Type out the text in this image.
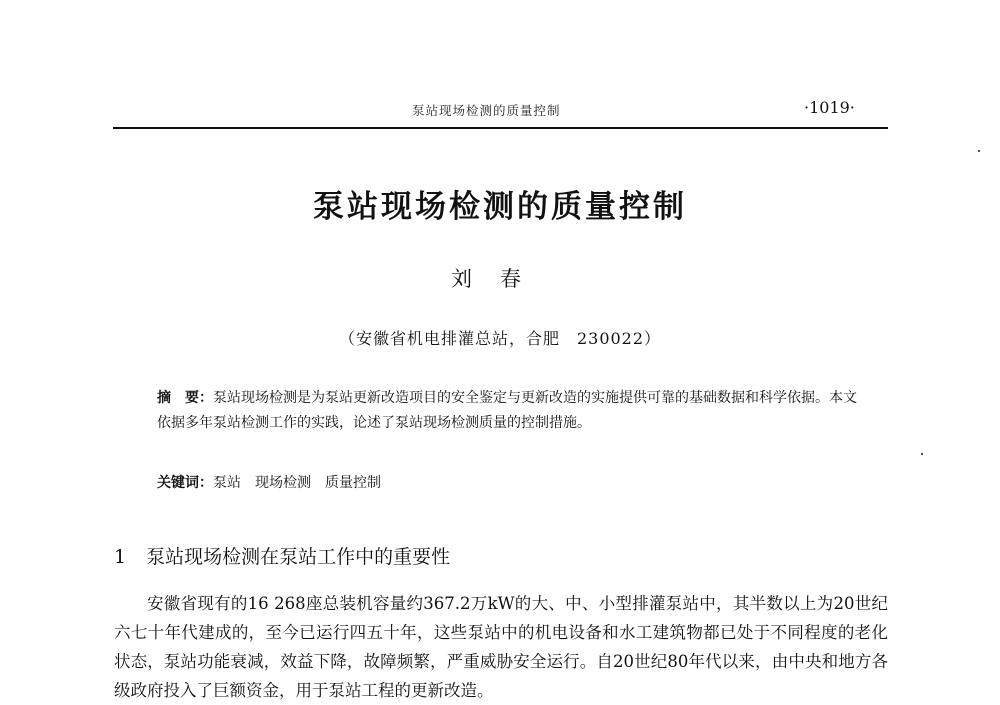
泵站现场检测的质量控制	·1019·
泵站现场检测的质量控制
刘春
（安徽省机电排灌总站，合肥　230022）
摘　要：泵站现场检测是为泵站更新改造项目的安全鉴定与更新改造的实施提供可靠的基础数据和科学依据。本文依据多年泵站检测工作的实践，论述了泵站现场检测质量的控制措施。
关键词：泵站 现场检测 质量控制
1 泵站现场检测在泵站工作中的重要性

安徽省现有的16 268座总装机容量约367.2万kW的大、中、小型排灌泵站中，其半数以上为20世纪六七十年代建成的，至今已运行四五十年，这些泵站中的机电设备和水工建筑物都已处于不同程度的老化状态，泵站功能衰减，效益下降，故障频繁，严重威胁安全运行。自20世纪80年代以来，由中央和地方各级政府投入了巨额资金，用于泵站工程的更新改造。
